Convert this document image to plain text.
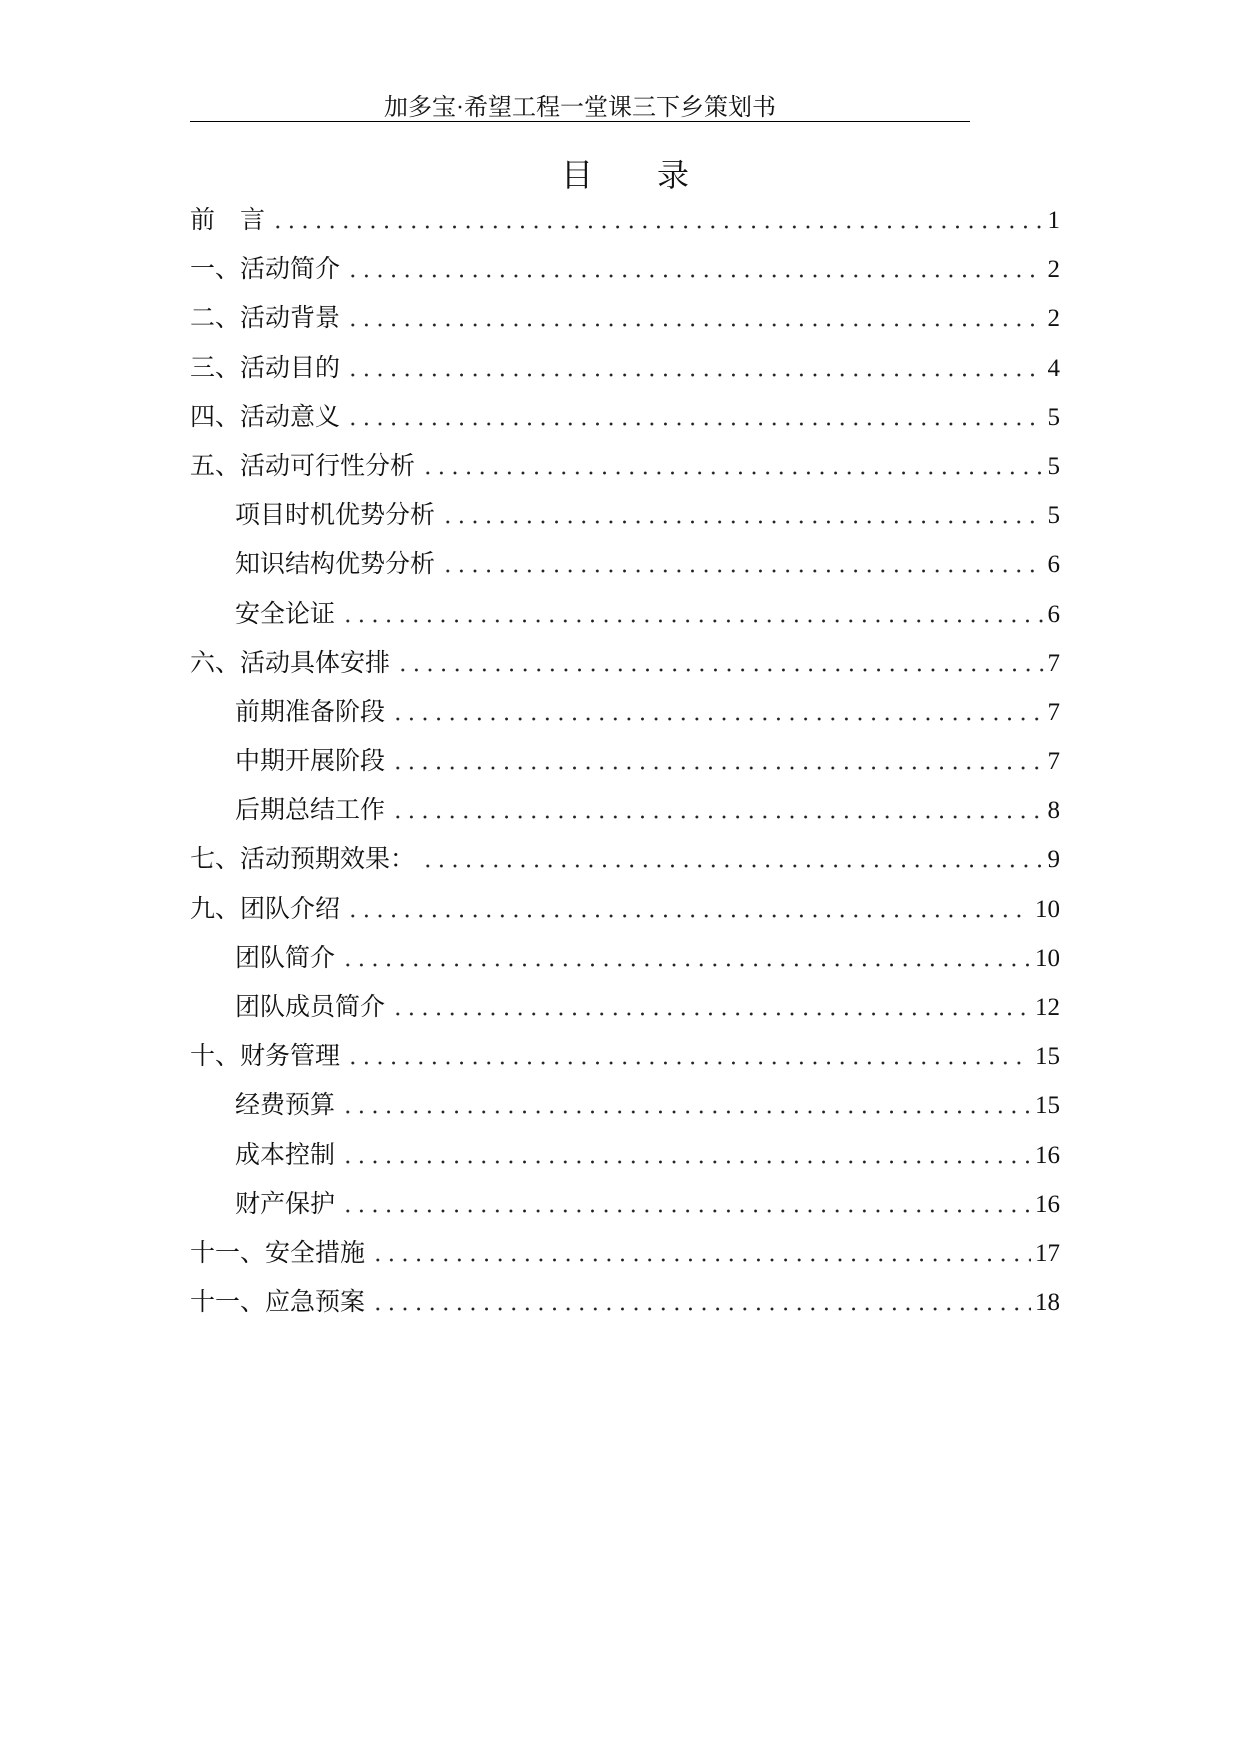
加多宝·希望工程一堂课三下乡策划书
目　　录
前　言	1
一、活动简介	2
二、活动背景	2
三、活动目的	4
四、活动意义	5
五、活动可行性分析	5
项目时机优势分析	5
知识结构优势分析	6
安全论证	6
六、活动具体安排	7
前期准备阶段	7
中期开展阶段	7
后期总结工作	8
七、活动预期效果：	9
九、团队介绍	10
团队简介	10
团队成员简介	12
十、财务管理	15
经费预算	15
成本控制	16
财产保护	16
十一、安全措施	17
十一、应急预案	18
